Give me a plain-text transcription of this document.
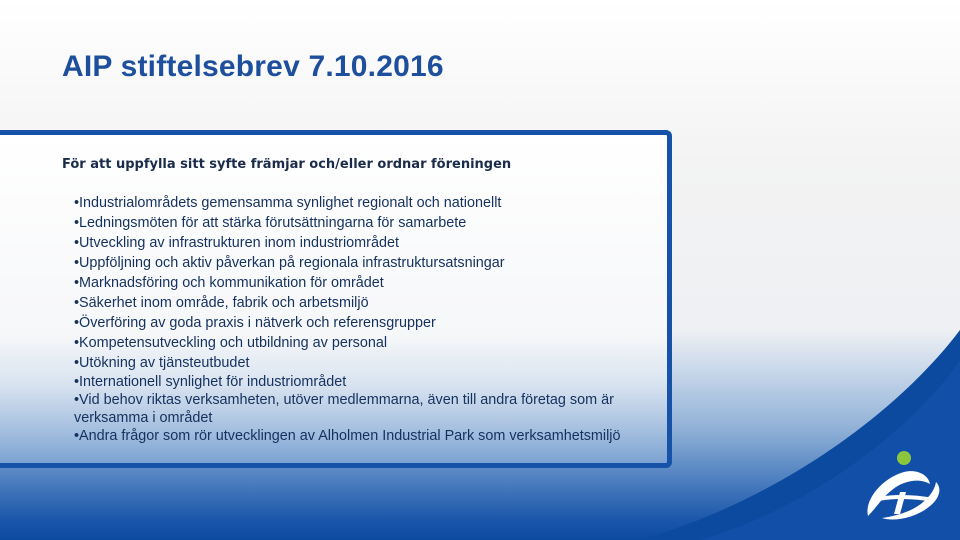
AIP stiftelsebrev 7.10.2016
För att uppfylla sitt syfte främjar och/eller ordnar föreningen
•Industrialområdets gemensamma synlighet regionalt och nationellt
•Ledningsmöten för att stärka förutsättningarna för samarbete
•Utveckling av infrastrukturen inom industriområdet
•Uppföljning och aktiv påverkan på regionala infrastruktursatsningar
•Marknadsföring och kommunikation för området
•Säkerhet inom område, fabrik och arbetsmiljö
•Överföring av goda praxis i nätverk och referensgrupper
•Kompetensutveckling och utbildning av personal
•Utökning av tjänsteutbudet
•Internationell synlighet för industriområdet
•Vid behov riktas verksamheten, utöver medlemmarna, även till andra företag som är verksamma i området
•Andra frågor som rör utvecklingen av Alholmen Industrial Park som verksamhetsmiljö
